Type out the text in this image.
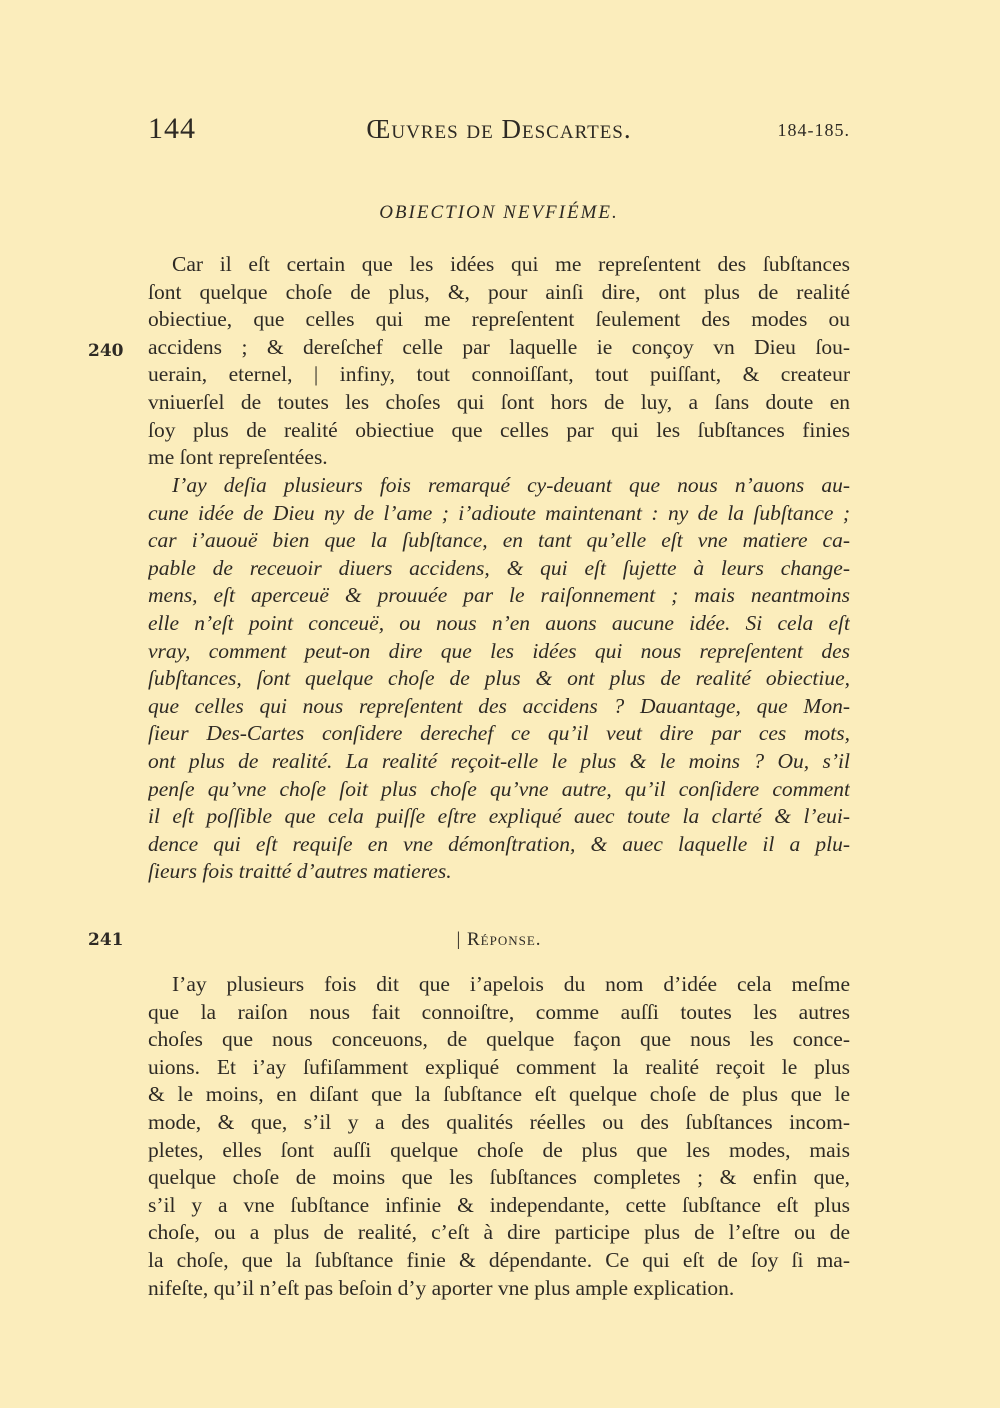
144	Œuvres de Descartes.	184-185.
OBIECTION NEVFIÉME.
Car il eſt certain que les idées qui me repreſentent des ſubſtances
ſont quelque choſe de plus, &, pour ainſi dire, ont plus de realité
obiectiue, que celles qui me repreſentent ſeulement des modes ou
accidens ; & dereſchef celle par laquelle ie conçoy vn Dieu ſou-
uerain, eternel, | infiny, tout connoiſſant, tout puiſſant, & createur
vniuerſel de toutes les choſes qui ſont hors de luy, a ſans doute en
ſoy plus de realité obiectiue que celles par qui les ſubſtances finies
me ſont repreſentées.
240
I’ay deſia plusieurs fois remarqué cy-deuant que nous n’auons au-
cune idée de Dieu ny de l’ame ; i’adioute maintenant : ny de la ſubſtance ;
car i’auouë bien que la ſubſtance, en tant qu’elle eſt vne matiere ca-
pable de receuoir diuers accidens, & qui eſt ſujette à leurs change-
mens, eſt aperceuë & prouuée par le raiſonnement ; mais neantmoins
elle n’eſt point conceuë, ou nous n’en auons aucune idée. Si cela eſt
vray, comment peut-on dire que les idées qui nous repreſentent des
ſubſtances, ſont quelque choſe de plus & ont plus de realité obiectiue,
que celles qui nous repreſentent des accidens ? Dauantage, que Mon-
ſieur Des-Cartes conſidere derechef ce qu’il veut dire par ces mots,
ont plus de realité. La realité reçoit-elle le plus & le moins ? Ou, s’il
penſe qu’vne choſe ſoit plus choſe qu’vne autre, qu’il conſidere comment
il eſt poſſible que cela puiſſe eſtre expliqué auec toute la clarté & l’eui-
dence qui eſt requiſe en vne démonſtration, & auec laquelle il a plu-
ſieurs fois traitté d’autres matieres.
241	| Réponse.
I’ay plusieurs fois dit que i’apelois du nom d’idée cela meſme
que la raiſon nous fait connoiſtre, comme auſſi toutes les autres
choſes que nous conceuons, de quelque façon que nous les conce-
uions. Et i’ay ſufiſamment expliqué comment la realité reçoit le plus
& le moins, en diſant que la ſubſtance eſt quelque choſe de plus que le
mode, & que, s’il y a des qualités réelles ou des ſubſtances incom-
pletes, elles ſont auſſi quelque choſe de plus que les modes, mais
quelque choſe de moins que les ſubſtances completes ; & enfin que,
s’il y a vne ſubſtance infinie & independante, cette ſubſtance eſt plus
choſe, ou a plus de realité, c’eſt à dire participe plus de l’eſtre ou de
la choſe, que la ſubſtance finie & dépendante. Ce qui eſt de ſoy ſi ma-
nifeſte, qu’il n’eſt pas beſoin d’y aporter vne plus ample explication.
